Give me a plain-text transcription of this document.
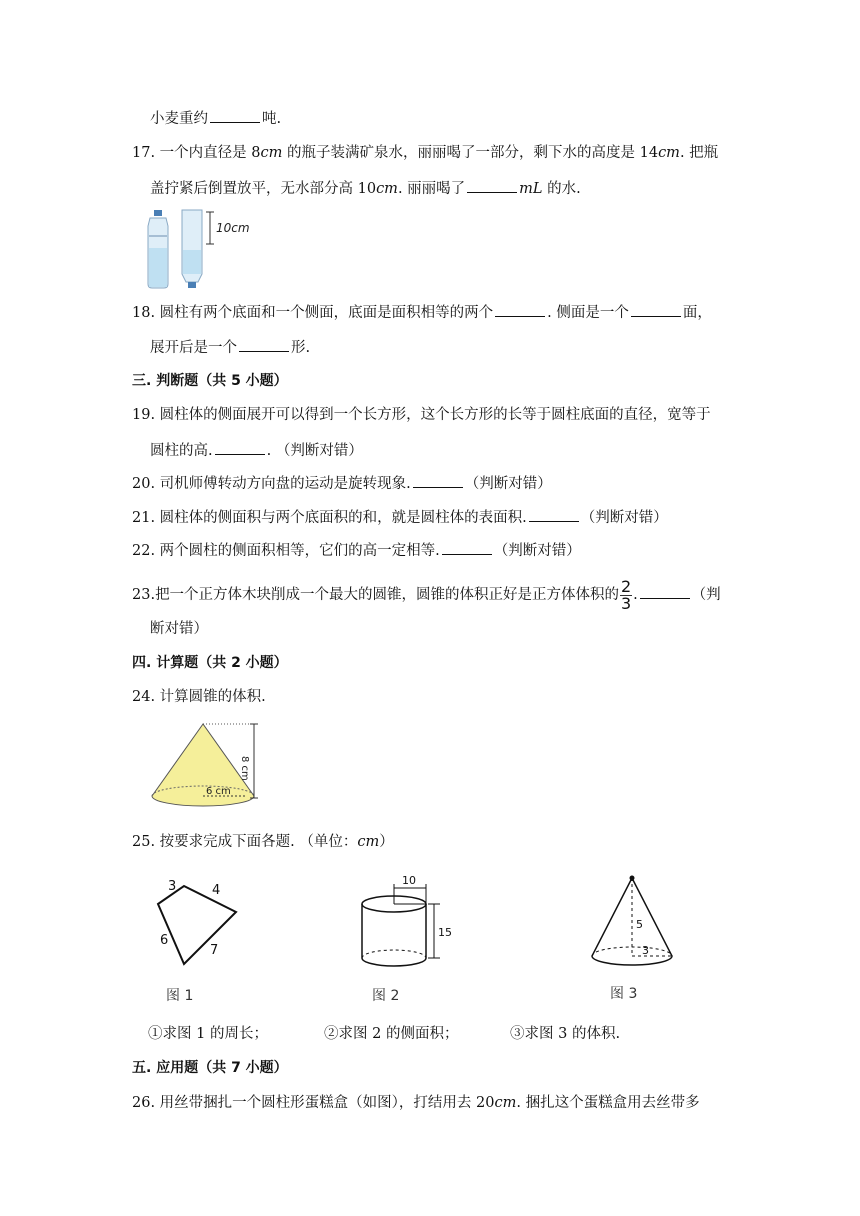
小麦重约	吨.
17. 一个内直径是 8cm 的瓶子装满矿泉水，丽丽喝了一部分，剩下水的高度是 14cm. 把瓶
盖拧紧后倒置放平，无水部分高 10cm. 丽丽喝了	mL 的水.
10cm
18. 圆柱有两个底面和一个侧面，底面是面积相等的两个	. 侧面是一个	面，
展开后是一个	形.
三. 判断题（共 5 小题）
19. 圆柱体的侧面展开可以得到一个长方形，这个长方形的长等于圆柱底面的直径，宽等于
圆柱的高.	. （判断对错）
20. 司机师傅转动方向盘的运动是旋转现象.	（判断对错）
21. 圆柱体的侧面积与两个底面积的和，就是圆柱体的表面积.	（判断对错）
22. 两个圆柱的侧面积相等，它们的高一定相等.	（判断对错）
23.把一个正方体木块削成一个最大的圆锥，圆锥的体积正好是正方体体积的 $\frac{2}{3}$ .	（判
断对错）
四. 计算题（共 2 小题）
24. 计算圆锥的体积.
6 cm
8 cm
25. 按要求完成下面各题. （单位：cm）
3	4
6
7
图 1
10
15
图 2
5
3
图 3
①求图 1 的周长；	②求图 2 的侧面积；	③求图 3 的体积.
五. 应用题（共 7 小题）
26. 用丝带捆扎一个圆柱形蛋糕盒（如图），打结用去 20cm. 捆扎这个蛋糕盒用去丝带多
